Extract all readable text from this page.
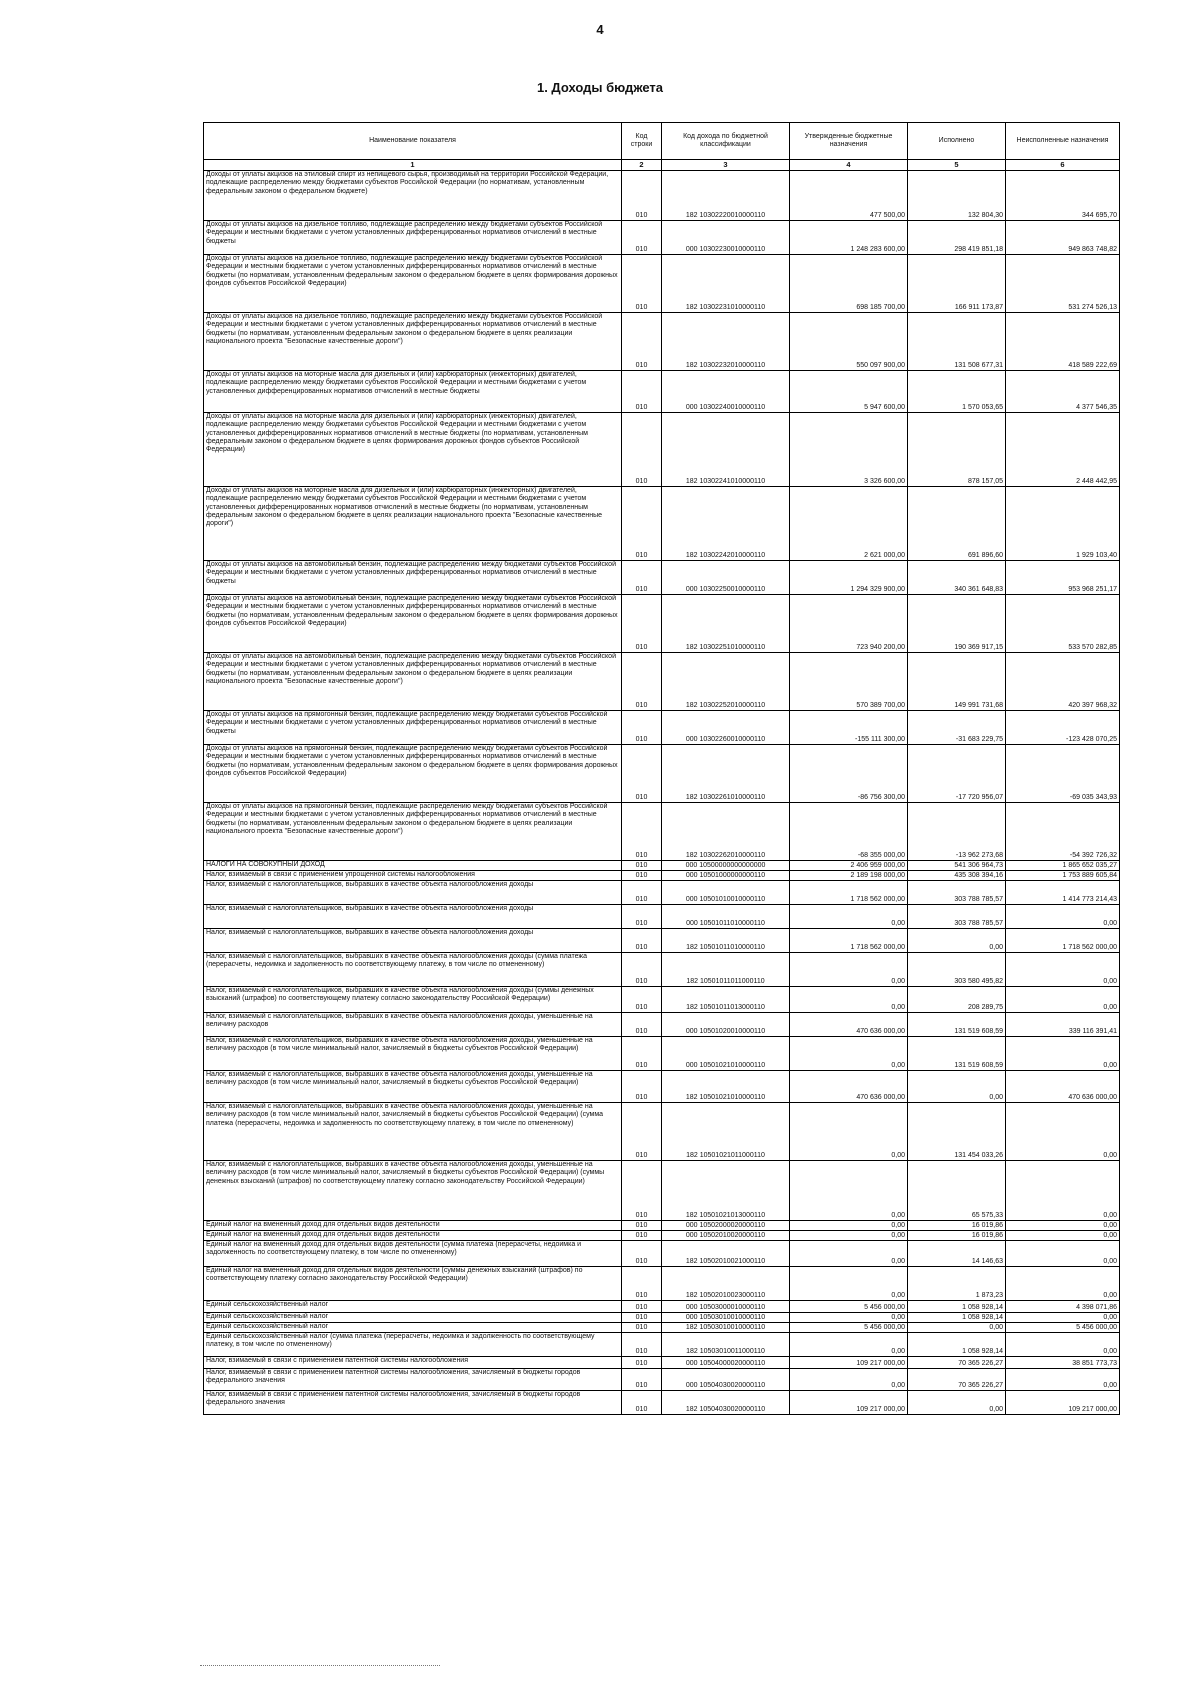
4
1. Доходы бюджета
Наименование показателя	Код строки	Код дохода по бюджетной классификации	Утвержденные бюджетные назначения	Исполнено	Неисполненные назначения
1	2	3	4	5	6
Доходы от уплаты акцизов на этиловый спирт из непищевого сырья, производимый на территории Российской Федерации, подлежащие распределению между бюджетами субъектов Российской Федерации (по нормативам, установленным федеральным законом о федеральном бюджете)	010	182 10302220010000110	477 500,00	132 804,30	344 695,70
Доходы от уплаты акцизов на дизельное топливо, подлежащие распределению между бюджетами субъектов Российской Федерации и местными бюджетами с учетом установленных дифференцированных нормативов отчислений в местные бюджеты	010	000 10302230010000110	1 248 283 600,00	298 419 851,18	949 863 748,82
Доходы от уплаты акцизов на дизельное топливо, подлежащие распределению между бюджетами субъектов Российской Федерации и местными бюджетами с учетом установленных дифференцированных нормативов отчислений в местные бюджеты (по нормативам, установленным федеральным законом о федеральном бюджете в целях формирования дорожных фондов субъектов Российской Федерации)	010	182 10302231010000110	698 185 700,00	166 911 173,87	531 274 526,13
Доходы от уплаты акцизов на дизельное топливо, подлежащие распределению между бюджетами субъектов Российской Федерации и местными бюджетами с учетом установленных дифференцированных нормативов отчислений в местные бюджеты (по нормативам, установленным федеральным законом о федеральном бюджете в целях реализации национального проекта "Безопасные качественные дороги")	010	182 10302232010000110	550 097 900,00	131 508 677,31	418 589 222,69
Доходы от уплаты акцизов на моторные масла для дизельных и (или) карбюраторных (инжекторных) двигателей, подлежащие распределению между бюджетами субъектов Российской Федерации и местными бюджетами с учетом установленных дифференцированных нормативов отчислений в местные бюджеты	010	000 10302240010000110	5 947 600,00	1 570 053,65	4 377 546,35
Доходы от уплаты акцизов на моторные масла для дизельных и (или) карбюраторных (инжекторных) двигателей, подлежащие распределению между бюджетами субъектов Российской Федерации и местными бюджетами с учетом установленных дифференцированных нормативов отчислений в местные бюджеты (по нормативам, установленным федеральным законом о федеральном бюджете в целях формирования дорожных фондов субъектов Российской Федерации)	010	182 10302241010000110	3 326 600,00	878 157,05	2 448 442,95
Доходы от уплаты акцизов на моторные масла для дизельных и (или) карбюраторных (инжекторных) двигателей, подлежащие распределению между бюджетами субъектов Российской Федерации и местными бюджетами с учетом установленных дифференцированных нормативов отчислений в местные бюджеты (по нормативам, установленным федеральным законом о федеральном бюджете в целях реализации национального проекта "Безопасные качественные дороги")	010	182 10302242010000110	2 621 000,00	691 896,60	1 929 103,40
Доходы от уплаты акцизов на автомобильный бензин, подлежащие распределению между бюджетами субъектов Российской Федерации и местными бюджетами с учетом установленных дифференцированных нормативов отчислений в местные бюджеты	010	000 10302250010000110	1 294 329 900,00	340 361 648,83	953 968 251,17
Доходы от уплаты акцизов на автомобильный бензин, подлежащие распределению между бюджетами субъектов Российской Федерации и местными бюджетами с учетом установленных дифференцированных нормативов отчислений в местные бюджеты (по нормативам, установленным федеральным законом о федеральном бюджете в целях формирования дорожных фондов субъектов Российской Федерации)	010	182 10302251010000110	723 940 200,00	190 369 917,15	533 570 282,85
Доходы от уплаты акцизов на автомобильный бензин, подлежащие распределению между бюджетами субъектов Российской Федерации и местными бюджетами с учетом установленных дифференцированных нормативов отчислений в местные бюджеты (по нормативам, установленным федеральным законом о федеральном бюджете в целях реализации национального проекта "Безопасные качественные дороги")	010	182 10302252010000110	570 389 700,00	149 991 731,68	420 397 968,32
Доходы от уплаты акцизов на прямогонный бензин, подлежащие распределению между бюджетами субъектов Российской Федерации и местными бюджетами с учетом установленных дифференцированных нормативов отчислений в местные бюджеты	010	000 10302260010000110	-155 111 300,00	-31 683 229,75	-123 428 070,25
Доходы от уплаты акцизов на прямогонный бензин, подлежащие распределению между бюджетами субъектов Российской Федерации и местными бюджетами с учетом установленных дифференцированных нормативов отчислений в местные бюджеты (по нормативам, установленным федеральным законом о федеральном бюджете в целях формирования дорожных фондов субъектов Российской Федерации)	010	182 10302261010000110	-86 756 300,00	-17 720 956,07	-69 035 343,93
Доходы от уплаты акцизов на прямогонный бензин, подлежащие распределению между бюджетами субъектов Российской Федерации и местными бюджетами с учетом установленных дифференцированных нормативов отчислений в местные бюджеты (по нормативам, установленным федеральным законом о федеральном бюджете в целях реализации национального проекта "Безопасные качественные дороги")	010	182 10302262010000110	-68 355 000,00	-13 962 273,68	-54 392 726,32
НАЛОГИ НА СОВОКУПНЫЙ ДОХОД	010	000 10500000000000000	2 406 959 000,00	541 306 964,73	1 865 652 035,27
Налог, взимаемый в связи с применением упрощенной системы налогообложения	010	000 10501000000000110	2 189 198 000,00	435 308 394,16	1 753 889 605,84
Налог, взимаемый с налогоплательщиков, выбравших в качестве объекта налогообложения доходы	010	000 10501010010000110	1 718 562 000,00	303 788 785,57	1 414 773 214,43
Налог, взимаемый с налогоплательщиков, выбравших в качестве объекта налогообложения доходы	010	000 10501011010000110	0,00	303 788 785,57	0,00
Налог, взимаемый с налогоплательщиков, выбравших в качестве объекта налогообложения доходы	010	182 10501011010000110	1 718 562 000,00	0,00	1 718 562 000,00
Налог, взимаемый с налогоплательщиков, выбравших в качестве объекта налогообложения доходы (сумма платежа (перерасчеты, недоимка и задолженность по соответствующему платежу, в том числе по отмененному)	010	182 10501011011000110	0,00	303 580 495,82	0,00
Налог, взимаемый с налогоплательщиков, выбравших в качестве объекта налогообложения доходы (суммы денежных взысканий (штрафов) по соответствующему платежу согласно законодательству Российской Федерации)	010	182 10501011013000110	0,00	208 289,75	0,00
Налог, взимаемый с налогоплательщиков, выбравших в качестве объекта налогообложения доходы, уменьшенные на величину расходов	010	000 10501020010000110	470 636 000,00	131 519 608,59	339 116 391,41
Налог, взимаемый с налогоплательщиков, выбравших в качестве объекта налогообложения доходы, уменьшенные на величину расходов (в том числе минимальный налог, зачисляемый в бюджеты субъектов Российской Федерации)	010	000 10501021010000110	0,00	131 519 608,59	0,00
Налог, взимаемый с налогоплательщиков, выбравших в качестве объекта налогообложения доходы, уменьшенные на величину расходов (в том числе минимальный налог, зачисляемый в бюджеты субъектов Российской Федерации)	010	182 10501021010000110	470 636 000,00	0,00	470 636 000,00
Налог, взимаемый с налогоплательщиков, выбравших в качестве объекта налогообложения доходы, уменьшенные на величину расходов (в том числе минимальный налог, зачисляемый в бюджеты субъектов Российской Федерации) (сумма платежа (перерасчеты, недоимка и задолженность по соответствующему платежу, в том числе по отмененному)	010	182 10501021011000110	0,00	131 454 033,26	0,00
Налог, взимаемый с налогоплательщиков, выбравших в качестве объекта налогообложения доходы, уменьшенные на величину расходов (в том числе минимальный налог, зачисляемый в бюджеты субъектов Российской Федерации) (суммы денежных взысканий (штрафов) по соответствующему платежу согласно законодательству Российской Федерации)	010	182 10501021013000110	0,00	65 575,33	0,00
Единый налог на вмененный доход для отдельных видов деятельности	010	000 10502000020000110	0,00	16 019,86	0,00
Единый налог на вмененный доход для отдельных видов деятельности	010	000 10502010020000110	0,00	16 019,86	0,00
Единый налог на вмененный доход для отдельных видов деятельности (сумма платежа (перерасчеты, недоимка и задолженность по соответствующему платежу, в том числе по отмененному)	010	182 10502010021000110	0,00	14 146,63	0,00
Единый налог на вмененный доход для отдельных видов деятельности (суммы денежных взысканий (штрафов) по соответствующему платежу согласно законодательству Российской Федерации)	010	182 10502010023000110	0,00	1 873,23	0,00
Единый сельскохозяйственный налог	010	000 10503000010000110	5 456 000,00	1 058 928,14	4 398 071,86
Единый сельскохозяйственный налог	010	000 10503010010000110	0,00	1 058 928,14	0,00
Единый сельскохозяйственный налог	010	182 10503010010000110	5 456 000,00	0,00	5 456 000,00
Единый сельскохозяйственный налог (сумма платежа (перерасчеты, недоимка и задолженность по соответствующему платежу, в том числе по отмененному)	010	182 10503010011000110	0,00	1 058 928,14	0,00
Налог, взимаемый в связи с применением патентной системы налогообложения	010	000 10504000020000110	109 217 000,00	70 365 226,27	38 851 773,73
Налог, взимаемый в связи с применением патентной системы налогообложения, зачисляемый в бюджеты городов федерального значения	010	000 10504030020000110	0,00	70 365 226,27	0,00
Налог, взимаемый в связи с применением патентной системы налогообложения, зачисляемый в бюджеты городов федерального значения	010	182 10504030020000110	109 217 000,00	0,00	109 217 000,00
